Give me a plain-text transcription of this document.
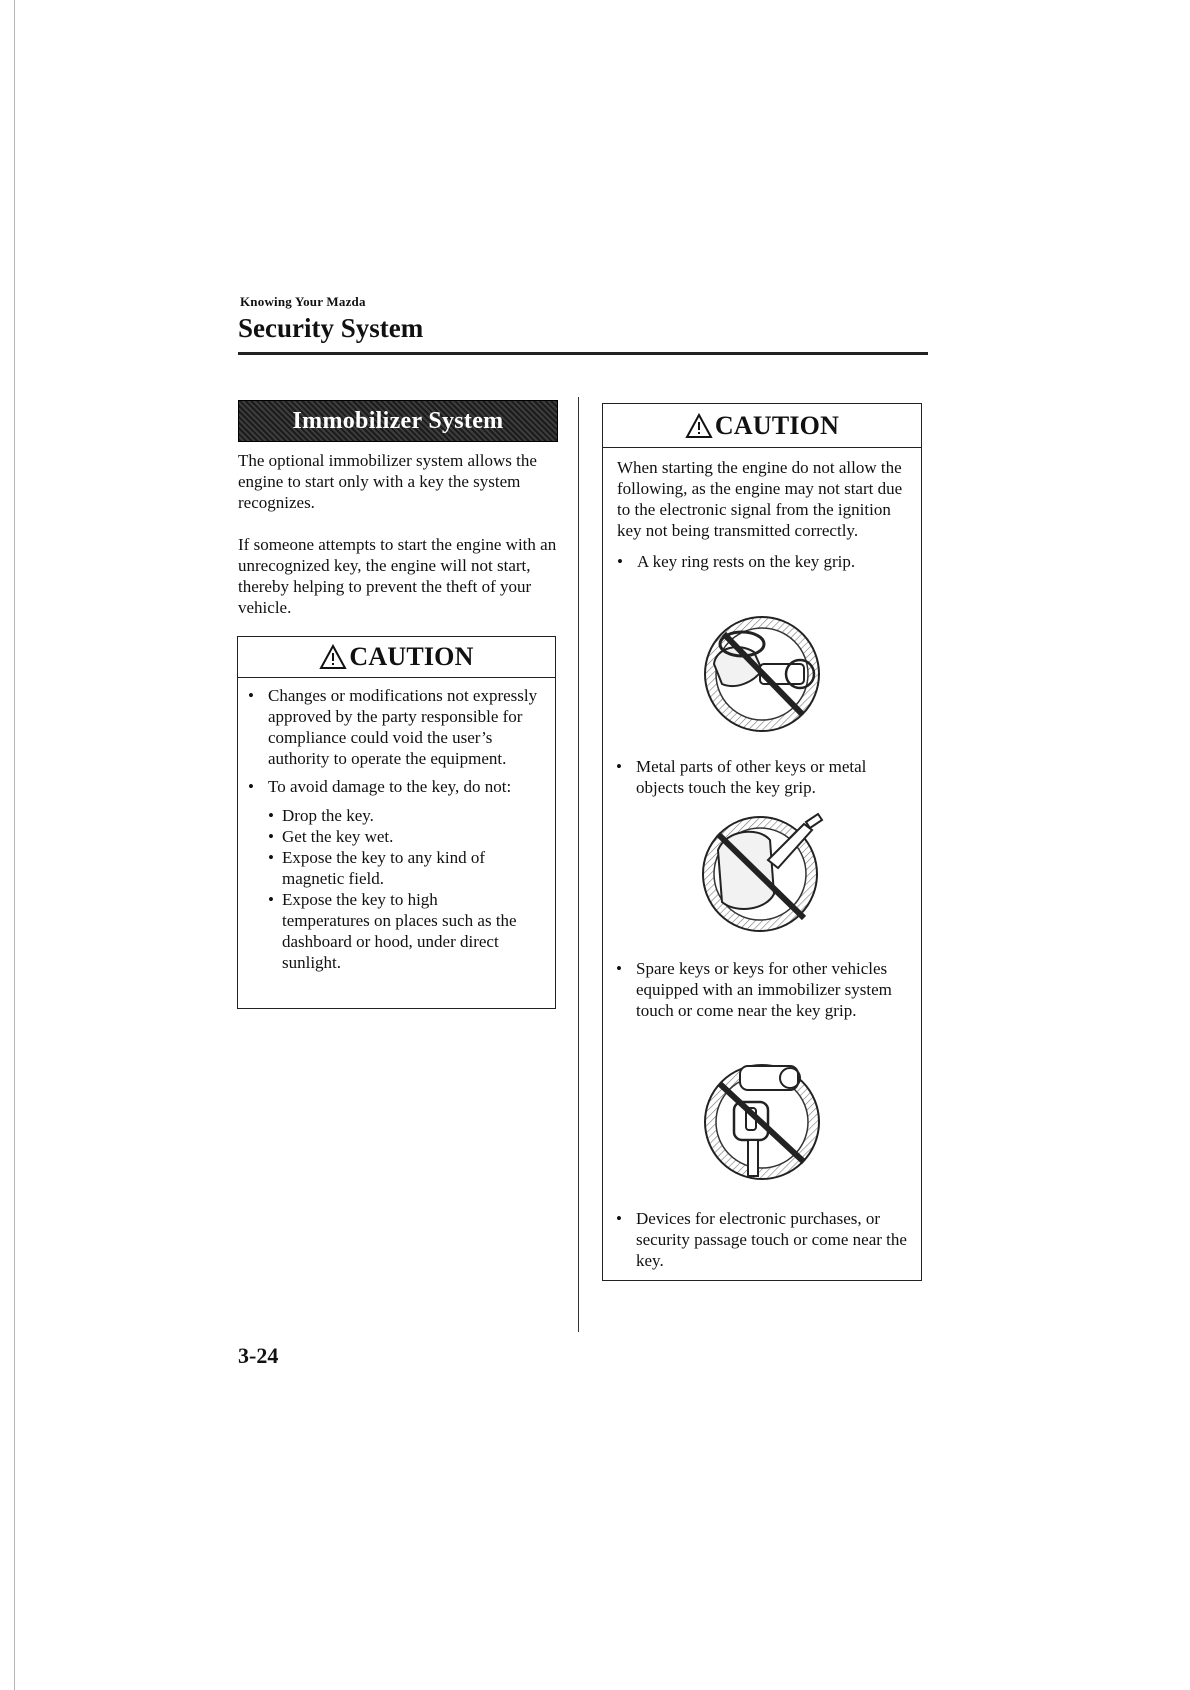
Knowing Your Mazda
Security System
Immobilizer System

The optional immobilizer system allows the engine to start only with a key the system recognizes.

If someone attempts to start the engine with an unrecognized key, the engine will not start, thereby helping to prevent the theft of your vehicle.

CAUTION
• Changes or modifications not expressly approved by the party responsible for compliance could void the user’s authority to operate the equipment.
• To avoid damage to the key, do not:
• Drop the key.
• Get the key wet.
• Expose the key to any kind of magnetic field.
• Expose the key to high temperatures on places such as the dashboard or hood, under direct sunlight.
CAUTION
When starting the engine do not allow the following, as the engine may not start due to the electronic signal from the ignition key not being transmitted correctly.
• A key ring rests on the key grip.
• Metal parts of other keys or metal objects touch the key grip.
• Spare keys or keys for other vehicles equipped with an immobilizer system touch or come near the key grip.
• Devices for electronic purchases, or security passage touch or come near the key.
3-24
